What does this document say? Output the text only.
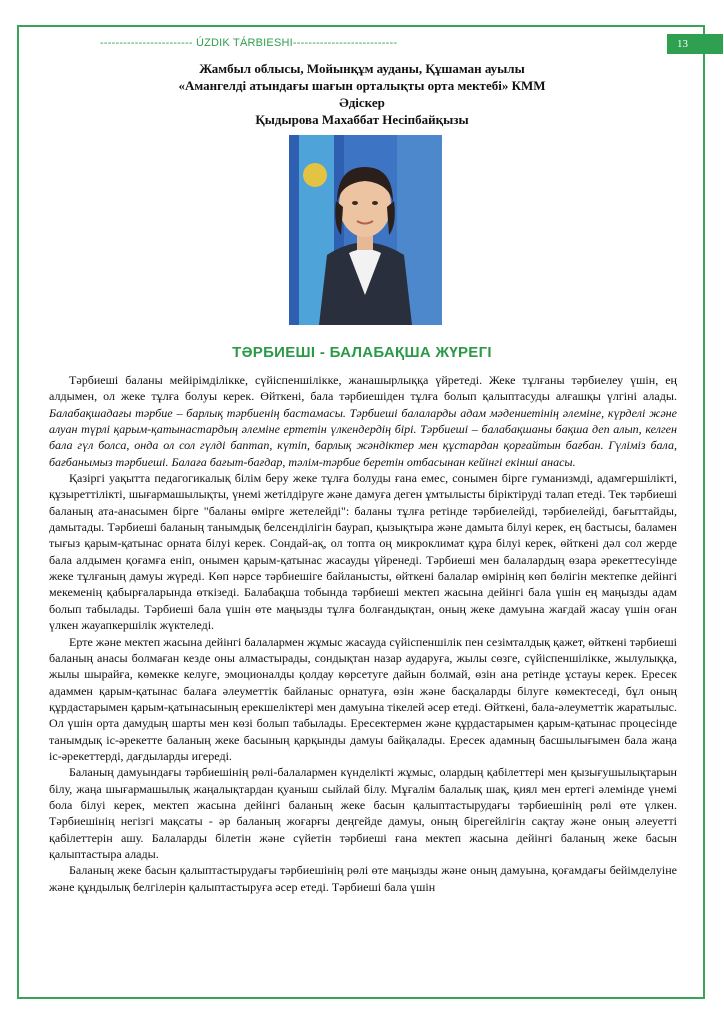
------------------------ ÚZDIK TÁRBIESHI---------------------------	13
Жамбыл облысы, Мойынқұм ауданы, Құшаман ауылы
«Амангелді атындағы шағын орталықты орта мектебі» КММ
Әдіскер
Қыдырова Махаббат Несіпбайқызы
ТӘРБИЕШІ - БАЛАБАҚША ЖҮРЕГІ

Тәрбиеші баланы мейірімділікке, сүйіспеншілікке, жанашырлыққа үйретеді. Жеке тұлғаны тәрбиелеу үшін, ең алдымен, ол жеке тұлға болуы керек. Өйткені, бала тәрбиешіден тұлға болып қалыптасуды алғашқы үлгіні алады. Балабақшадағы тәрбие – барлық тәрбиенің бастамасы. Тәрбиеші балаларды адам мәдениетінің әлеміне, күрделі және алуан түрлі қарым-қатынастардың әлеміне ертетін үлкендердің бірі. Тәрбиеші – балабақшаны бақша деп алып, келген бала гүл болса, онда ол сол гүлді баптап, күтіп, барлық жәндіктер мен құстардан қорғайтын бағбан. Гүліміз бала, бағбанымыз тәрбиеші. Балаға бағыт-бағдар, тәлім-тәрбие беретін отбасынан кейінгі екінші анасы.

Қазіргі уақытта педагогикалық білім беру жеке тұлға болуды ғана емес, сонымен бірге гуманизмді, адамгершілікті, құзыреттілікті, шығармашылықты, үнемі жетілдіруге және дамуға деген ұмтылысты біріктіруді талап етеді. Тек тәрбиеші баланың ата-анасымен бірге "баланы өмірге жетелейді": баланы тұлға ретінде тәрбиелейді, тәрбиелейді, бағыттайды, дамытады. Тәрбиеші баланың танымдық белсенділігін баурап, қызықтыра және дамыта білуі керек, ең бастысы, баламен тығыз қарым-қатынас орната білуі керек. Сондай-ақ, ол топта оң микроклимат құра білуі керек, өйткені дәл сол жерде бала алдымен қоғамға еніп, онымен қарым-қатынас жасауды үйренеді. Тәрбиеші мен балалардың өзара әрекеттесуінде жеке тұлғаның дамуы жүреді. Көп нәрсе тәрбиешіге байланысты, өйткені балалар өмірінің көп бөлігін мектепке дейінгі мекеменің қабырғаларында өткізеді. Балабақша тобында тәрбиеші мектеп жасына дейінгі бала үшін ең маңызды адам болып табылады. Тәрбиеші бала үшін өте маңызды тұлға болғандықтан, оның жеке дамуына жағдай жасау үшін оған үлкен жауапкершілік жүктеледі.

Ерте және мектеп жасына дейінгі балалармен жұмыс жасауда сүйіспеншілік пен сезімталдық қажет, өйткені тәрбиеші баланың анасы болмаған кезде оны алмастырады, сондықтан назар аударуға, жылы сөзге, сүйіспеншілікке, жылулыққа, жылы шырайға, көмекке келуге, эмоционалды қолдау көрсетуге дайын болмай, өзін ана ретінде ұстауы керек. Ересек адаммен қарым-қатынас балаға әлеуметтік байланыс орнатуға, өзін және басқаларды білуге көмектеседі, бұл оның құрдастарымен қарым-қатынасының ерекшеліктері мен дамуына тікелей әсер етеді. Өйткені, бала-әлеуметтік жаратылыс. Ол үшін орта дамудың шарты мен көзі болып табылады. Ересектермен және құрдастарымен қарым-қатынас процесінде танымдық іс-әрекетте баланың жеке басының қарқынды дамуы байқалады. Ересек адамның басшылығымен бала жаңа іс-әрекеттерді, дағдыларды игереді.

Баланың дамуындағы тәрбиешінің рөлі-балалармен күнделікті жұмыс, олардың қабілеттері мен қызығушылықтарын білу, жаңа шығармашылық жаңалықтардан қуаныш сыйлай білу. Мұғалім балалық шақ, қиял мен ертегі әлемінде үнемі бола білуі керек, мектеп жасына дейінгі баланың жеке басын қалыптастырудағы тәрбиешінің рөлі өте үлкен. Тәрбиешінің негізгі мақсаты - әр баланың жоғарғы деңгейде дамуы, оның бірегейлігін сақтау және оның әлеуетті қабілеттерін ашу. Балаларды білетін және сүйетін тәрбиеші ғана мектеп жасына дейінгі баланың жеке басын қалыптастыра алады.

Баланың жеке басын қалыптастырудағы тәрбиешінің рөлі өте маңызды және оның дамуына, қоғамдағы бейімделуіне және құндылық белгілерін қалыптастыруға әсер етеді. Тәрбиеші бала үшін
